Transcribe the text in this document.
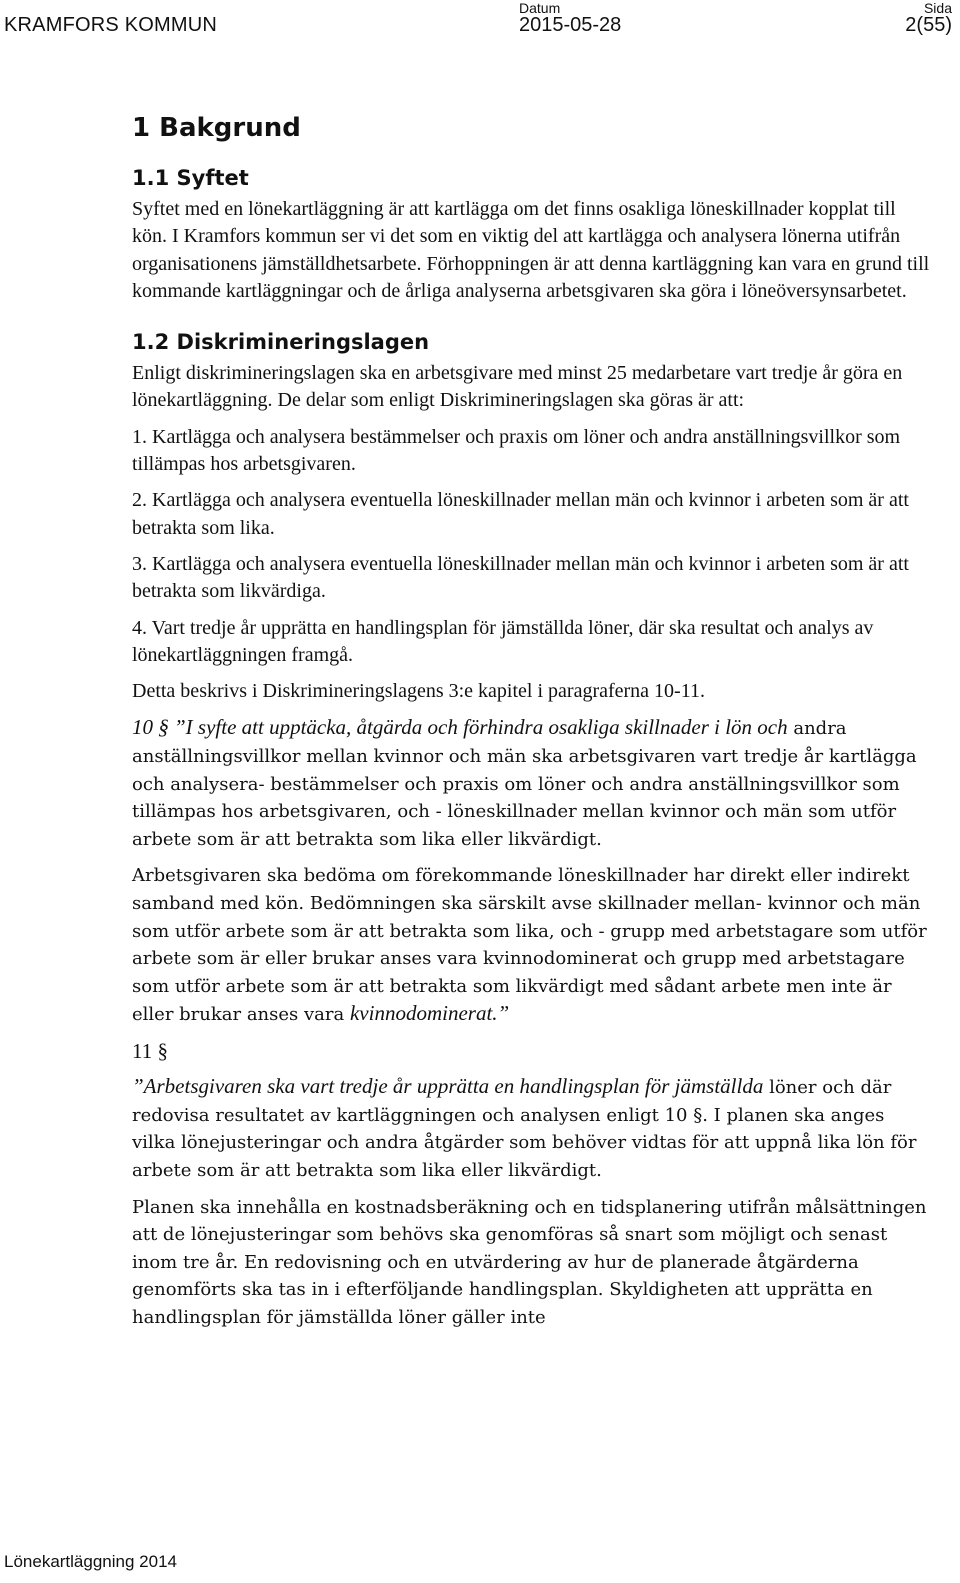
KRAMFORS KOMMUN
Datum
2015-05-28
Sida
2(55)
1 Bakgrund
1.1 Syftet

Syftet med en lönekartläggning är att kartlägga om det finns osakliga löneskillnader kopplat till kön. I Kramfors kommun ser vi det som en viktig del att kartlägga och analysera lönerna utifrån organisationens jämställdhetsarbete. Förhoppningen är att denna kartläggning kan vara en grund till kommande kartläggningar och de årliga analyserna arbetsgivaren ska göra i löneöversynsarbetet.

1.2 Diskrimineringslagen

Enligt diskrimineringslagen ska en arbetsgivare med minst 25 medarbetare vart tredje år göra en lönekartläggning. De delar som enligt Diskrimineringslagen ska göras är att:

1. Kartlägga och analysera bestämmelser och praxis om löner och andra anställningsvillkor som tillämpas hos arbetsgivaren.

2. Kartlägga och analysera eventuella löneskillnader mellan män och kvinnor i arbeten som är att betrakta som lika.

3. Kartlägga och analysera eventuella löneskillnader mellan män och kvinnor i arbeten som är att betrakta som likvärdiga.

4. Vart tredje år upprätta en handlingsplan för jämställda löner, där ska resultat och analys av lönekartläggningen framgå.

Detta beskrivs i Diskrimineringslagens 3:e kapitel i paragraferna 10-11.

10 § ”I syfte att upptäcka, åtgärda och förhindra osakliga skillnader i lön och andra anställningsvillkor mellan kvinnor och män ska arbetsgivaren vart tredje år kartlägga och analysera- bestämmelser och praxis om löner och andra anställningsvillkor som tillämpas hos arbetsgivaren, och - löneskillnader mellan kvinnor och män som utför arbete som är att betrakta som lika eller likvärdigt.

Arbetsgivaren ska bedöma om förekommande löneskillnader har direkt eller indirekt samband med kön. Bedömningen ska särskilt avse skillnader mellan- kvinnor och män som utför arbete som är att betrakta som lika, och - grupp med arbetstagare som utför arbete som är eller brukar anses vara kvinnodominerat och grupp med arbetstagare som utför arbete som är att betrakta som likvärdigt med sådant arbete men inte är eller brukar anses vara kvinnodominerat.”

11 §

”Arbetsgivaren ska vart tredje år upprätta en handlingsplan för jämställda löner och där redovisa resultatet av kartläggningen och analysen enligt 10 §. I planen ska anges vilka lönejusteringar och andra åtgärder som behöver vidtas för att uppnå lika lön för arbete som är att betrakta som lika eller likvärdigt.

Planen ska innehålla en kostnadsberäkning och en tidsplanering utifrån målsättningen att de lönejusteringar som behövs ska genomföras så snart som möjligt och senast inom tre år. En redovisning och en utvärdering av hur de planerade åtgärderna genomförts ska tas in i efterföljande handlingsplan. Skyldigheten att upprätta en handlingsplan för jämställda löner gäller inte

Lönekartläggning 2014
